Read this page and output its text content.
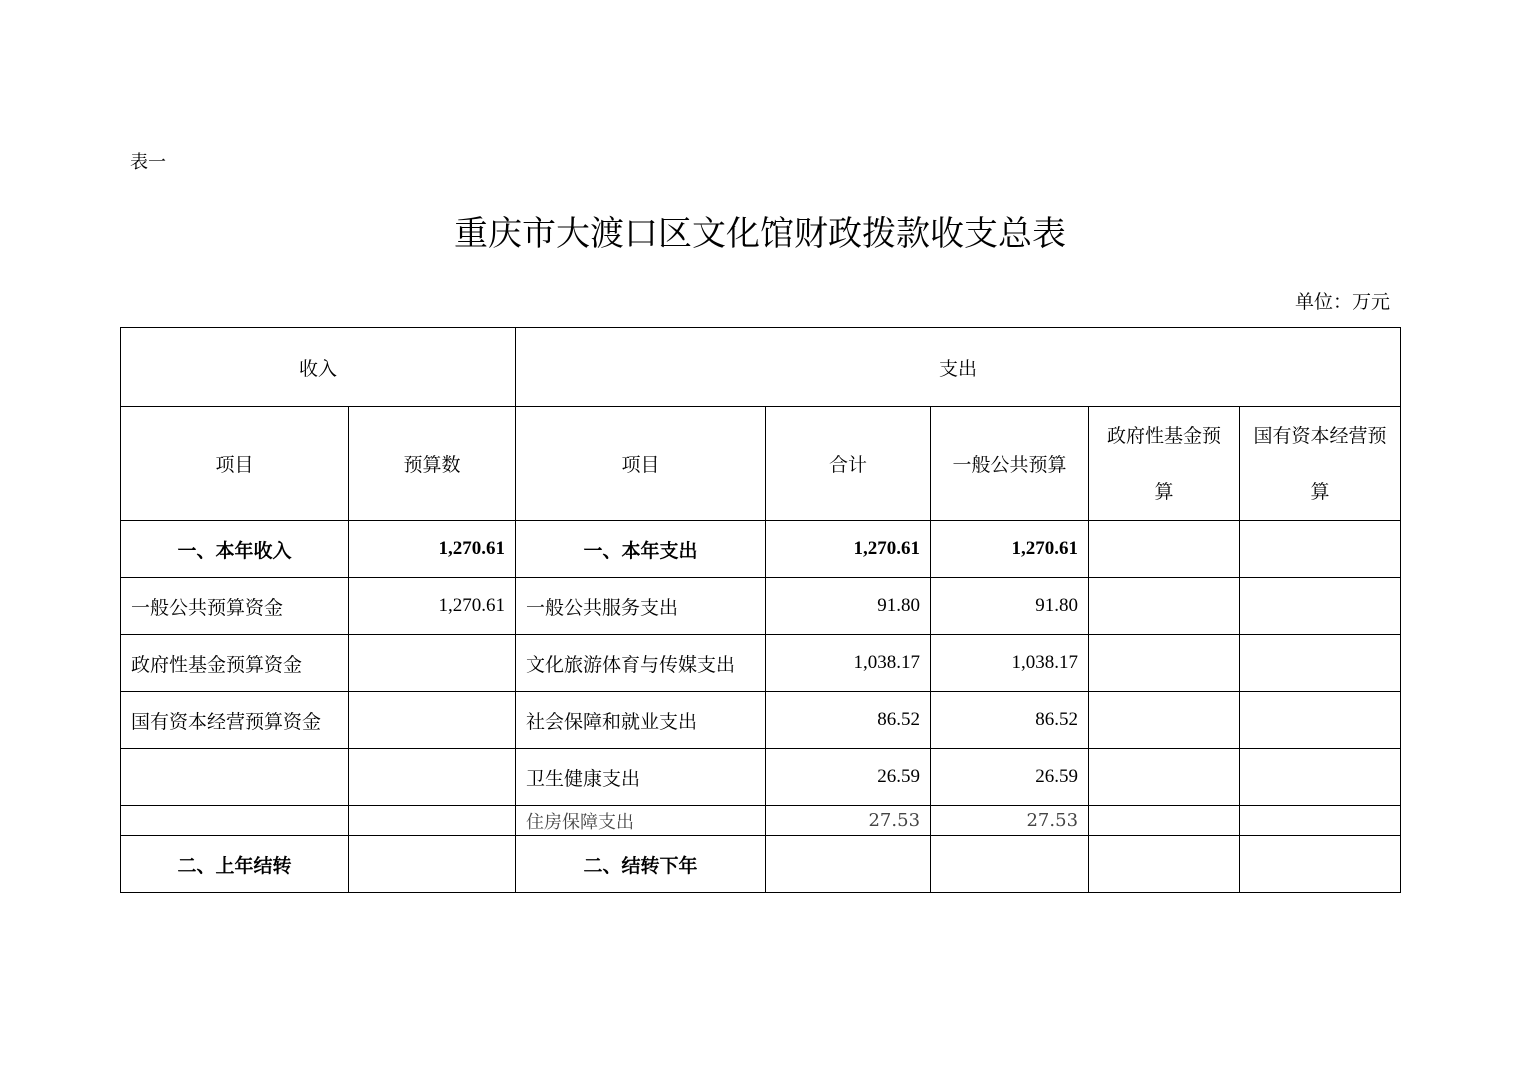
表一
重庆市大渡口区文化馆财政拨款收支总表
单位：万元
收入		支出				
项目	预算数	项目	合计	一般公共预算	政府性基金预算	国有资本经营预算
一、本年收入	1,270.61	一、本年支出	1,270.61	1,270.61		
一般公共预算资金	1,270.61	一般公共服务支出	91.80	91.80		
政府性基金预算资金		文化旅游体育与传媒支出	1,038.17	1,038.17		
国有资本经营预算资金		社会保障和就业支出	86.52	86.52		
		卫生健康支出	26.59	26.59		
		住房保障支出	27.53	27.53		
二、上年结转		二、结转下年				
